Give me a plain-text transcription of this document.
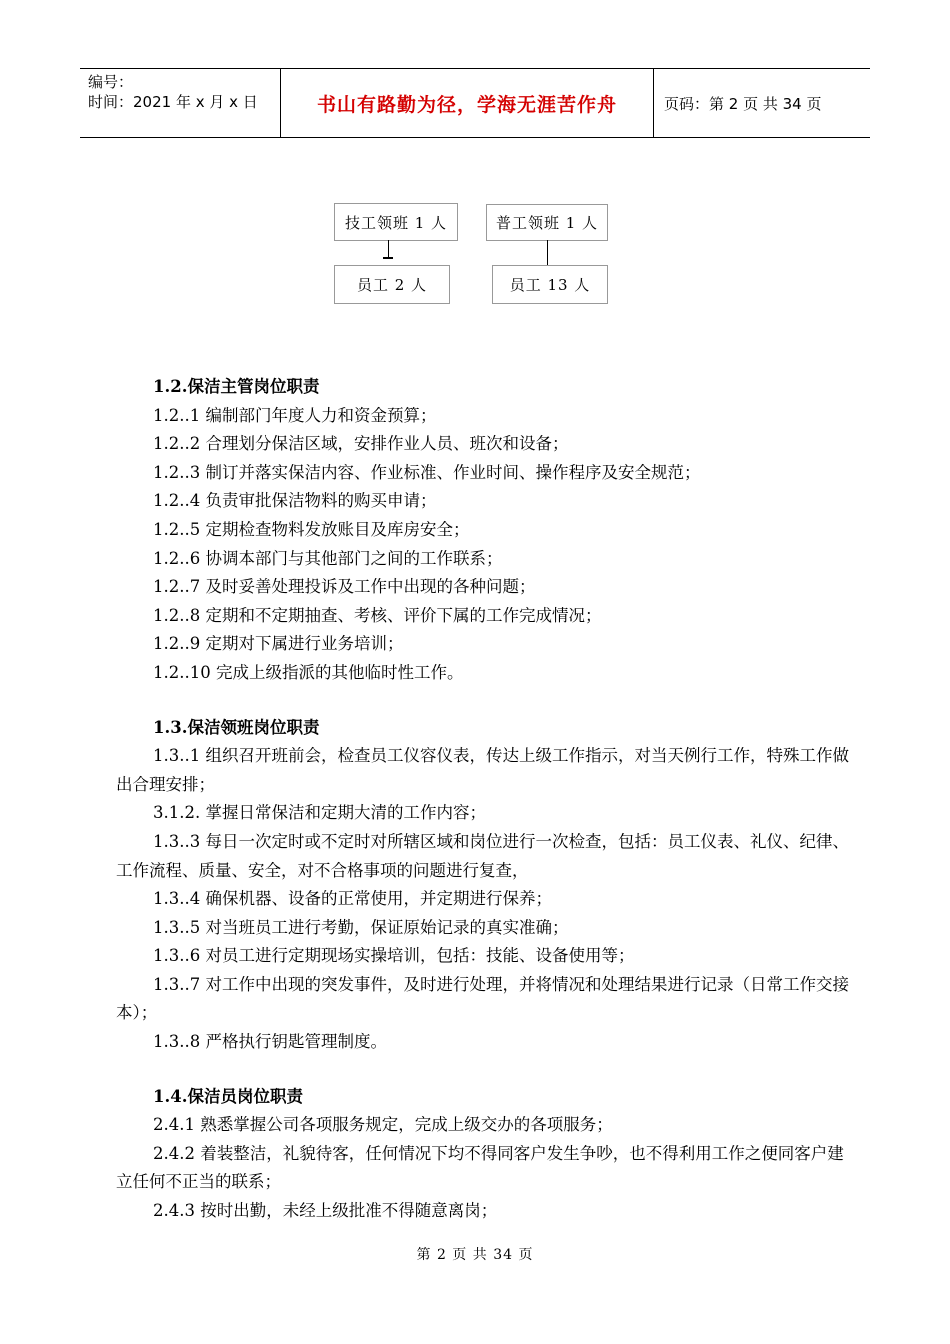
编号：
时间：2021 年 x 月 x 日	书山有路勤为径，学海无涯苦作舟	页码：第 2 页 共 34 页
技工领班 1 人	普工领班 1 人
员工 2 人	员工 13 人
1.2.保洁主管岗位职责
1.2..1 编制部门年度人力和资金预算；
1.2..2 合理划分保洁区域，安排作业人员、班次和设备；
1.2..3 制订并落实保洁内容、作业标准、作业时间、操作程序及安全规范；
1.2..4 负责审批保洁物料的购买申请；
1.2..5 定期检查物料发放账目及库房安全；
1.2..6 协调本部门与其他部门之间的工作联系；
1.2..7 及时妥善处理投诉及工作中出现的各种问题；
1.2..8 定期和不定期抽查、考核、评价下属的工作完成情况；
1.2..9 定期对下属进行业务培训；
1.2..10 完成上级指派的其他临时性工作。
1.3.保洁领班岗位职责
1.3..1 组织召开班前会，检查员工仪容仪表，传达上级工作指示，对当天例行工作，特殊工作做出合理安排；
3.1.2. 掌握日常保洁和定期大清的工作内容；
1.3..3 每日一次定时或不定时对所辖区域和岗位进行一次检查，包括：员工仪表、礼仪、纪律、工作流程、质量、安全，对不合格事项的问题进行复查，
1.3..4 确保机器、设备的正常使用，并定期进行保养；
1.3..5 对当班员工进行考勤，保证原始记录的真实准确；
1.3..6 对员工进行定期现场实操培训，包括：技能、设备使用等；
1.3..7 对工作中出现的突发事件，及时进行处理，并将情况和处理结果进行记录（日常工作交接本）；
1.3..8 严格执行钥匙管理制度。
1.4.保洁员岗位职责
2.4.1 熟悉掌握公司各项服务规定，完成上级交办的各项服务；
2.4.2 着装整洁，礼貌待客，任何情况下均不得同客户发生争吵，也不得利用工作之便同客户建立任何不正当的联系；
2.4.3 按时出勤，未经上级批准不得随意离岗；
第 2 页 共 34 页
